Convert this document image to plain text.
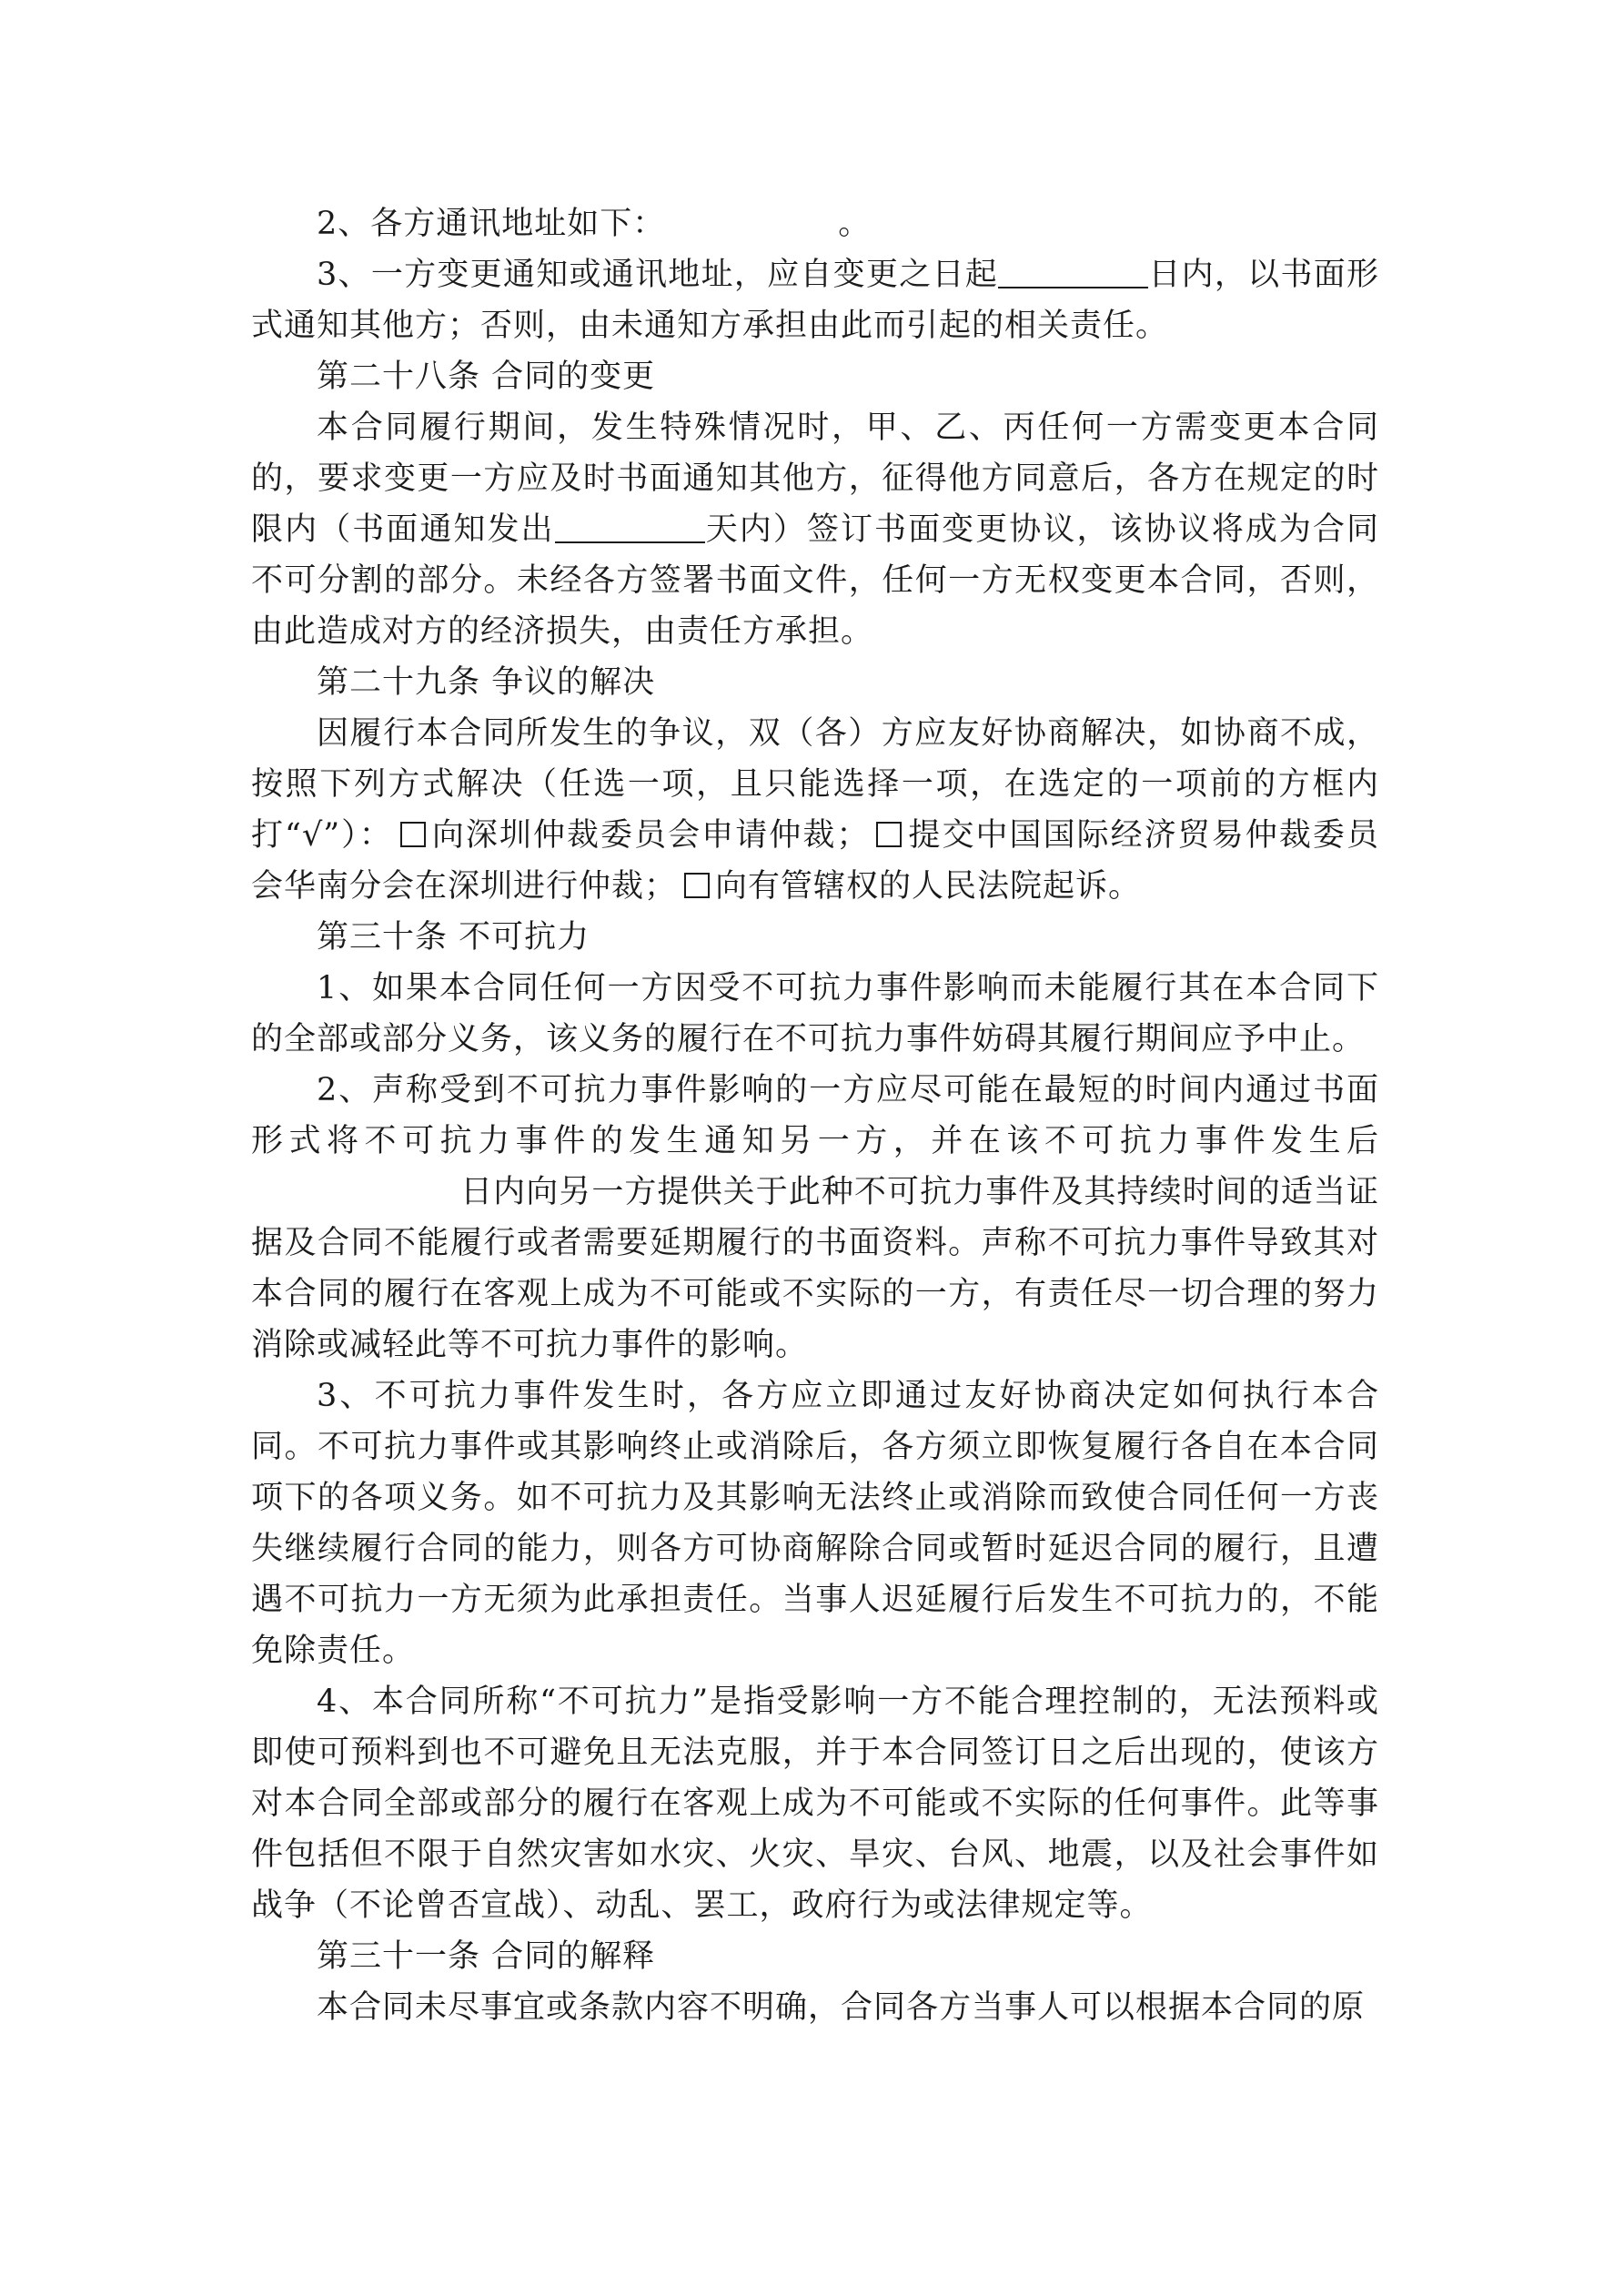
2、各方通讯地址如下：	。

3、一方变更通知或通讯地址，应自变更之日起	日内，以书面形式通知其他方；否则，由未通知方承担由此而引起的相关责任。

第二十八条 合同的变更

本合同履行期间，发生特殊情况时，甲、乙、丙任何一方需变更本合同的，要求变更一方应及时书面通知其他方，征得他方同意后，各方在规定的时限内（书面通知发出	天内）签订书面变更协议，该协议将成为合同不可分割的部分。未经各方签署书面文件，任何一方无权变更本合同，否则，由此造成对方的经济损失，由责任方承担。

第二十九条 争议的解决

因履行本合同所发生的争议，双（各）方应友好协商解决，如协商不成，按照下列方式解决（任选一项，且只能选择一项，在选定的一项前的方框内打“√”）： 向深圳仲裁委员会申请仲裁； 提交中国国际经济贸易仲裁委员会华南分会在深圳进行仲裁； 向有管辖权的人民法院起诉。

第三十条 不可抗力

1、如果本合同任何一方因受不可抗力事件影响而未能履行其在本合同下的全部或部分义务，该义务的履行在不可抗力事件妨碍其履行期间应予中止。

2、声称受到不可抗力事件影响的一方应尽可能在最短的时间内通过书面形式将不可抗力事件的发生通知另一方，并在该不可抗力事件发生后日内向另一方提供关于此种不可抗力事件及其持续时间的适当证据及合同不能履行或者需要延期履行的书面资料。声称不可抗力事件导致其对本合同的履行在客观上成为不可能或不实际的一方，有责任尽一切合理的努力消除或减轻此等不可抗力事件的影响。

3、不可抗力事件发生时，各方应立即通过友好协商决定如何执行本合同。不可抗力事件或其影响终止或消除后，各方须立即恢复履行各自在本合同项下的各项义务。如不可抗力及其影响无法终止或消除而致使合同任何一方丧失继续履行合同的能力，则各方可协商解除合同或暂时延迟合同的履行，且遭遇不可抗力一方无须为此承担责任。当事人迟延履行后发生不可抗力的，不能免除责任。

4、本合同所称“不可抗力”是指受影响一方不能合理控制的，无法预料或即使可预料到也不可避免且无法克服，并于本合同签订日之后出现的，使该方对本合同全部或部分的履行在客观上成为不可能或不实际的任何事件。此等事件包括但不限于自然灾害如水灾、火灾、旱灾、台风、地震，以及社会事件如战争（不论曾否宣战）、动乱、罢工，政府行为或法律规定等。

第三十一条 合同的解释

本合同未尽事宜或条款内容不明确，合同各方当事人可以根据本合同的原
